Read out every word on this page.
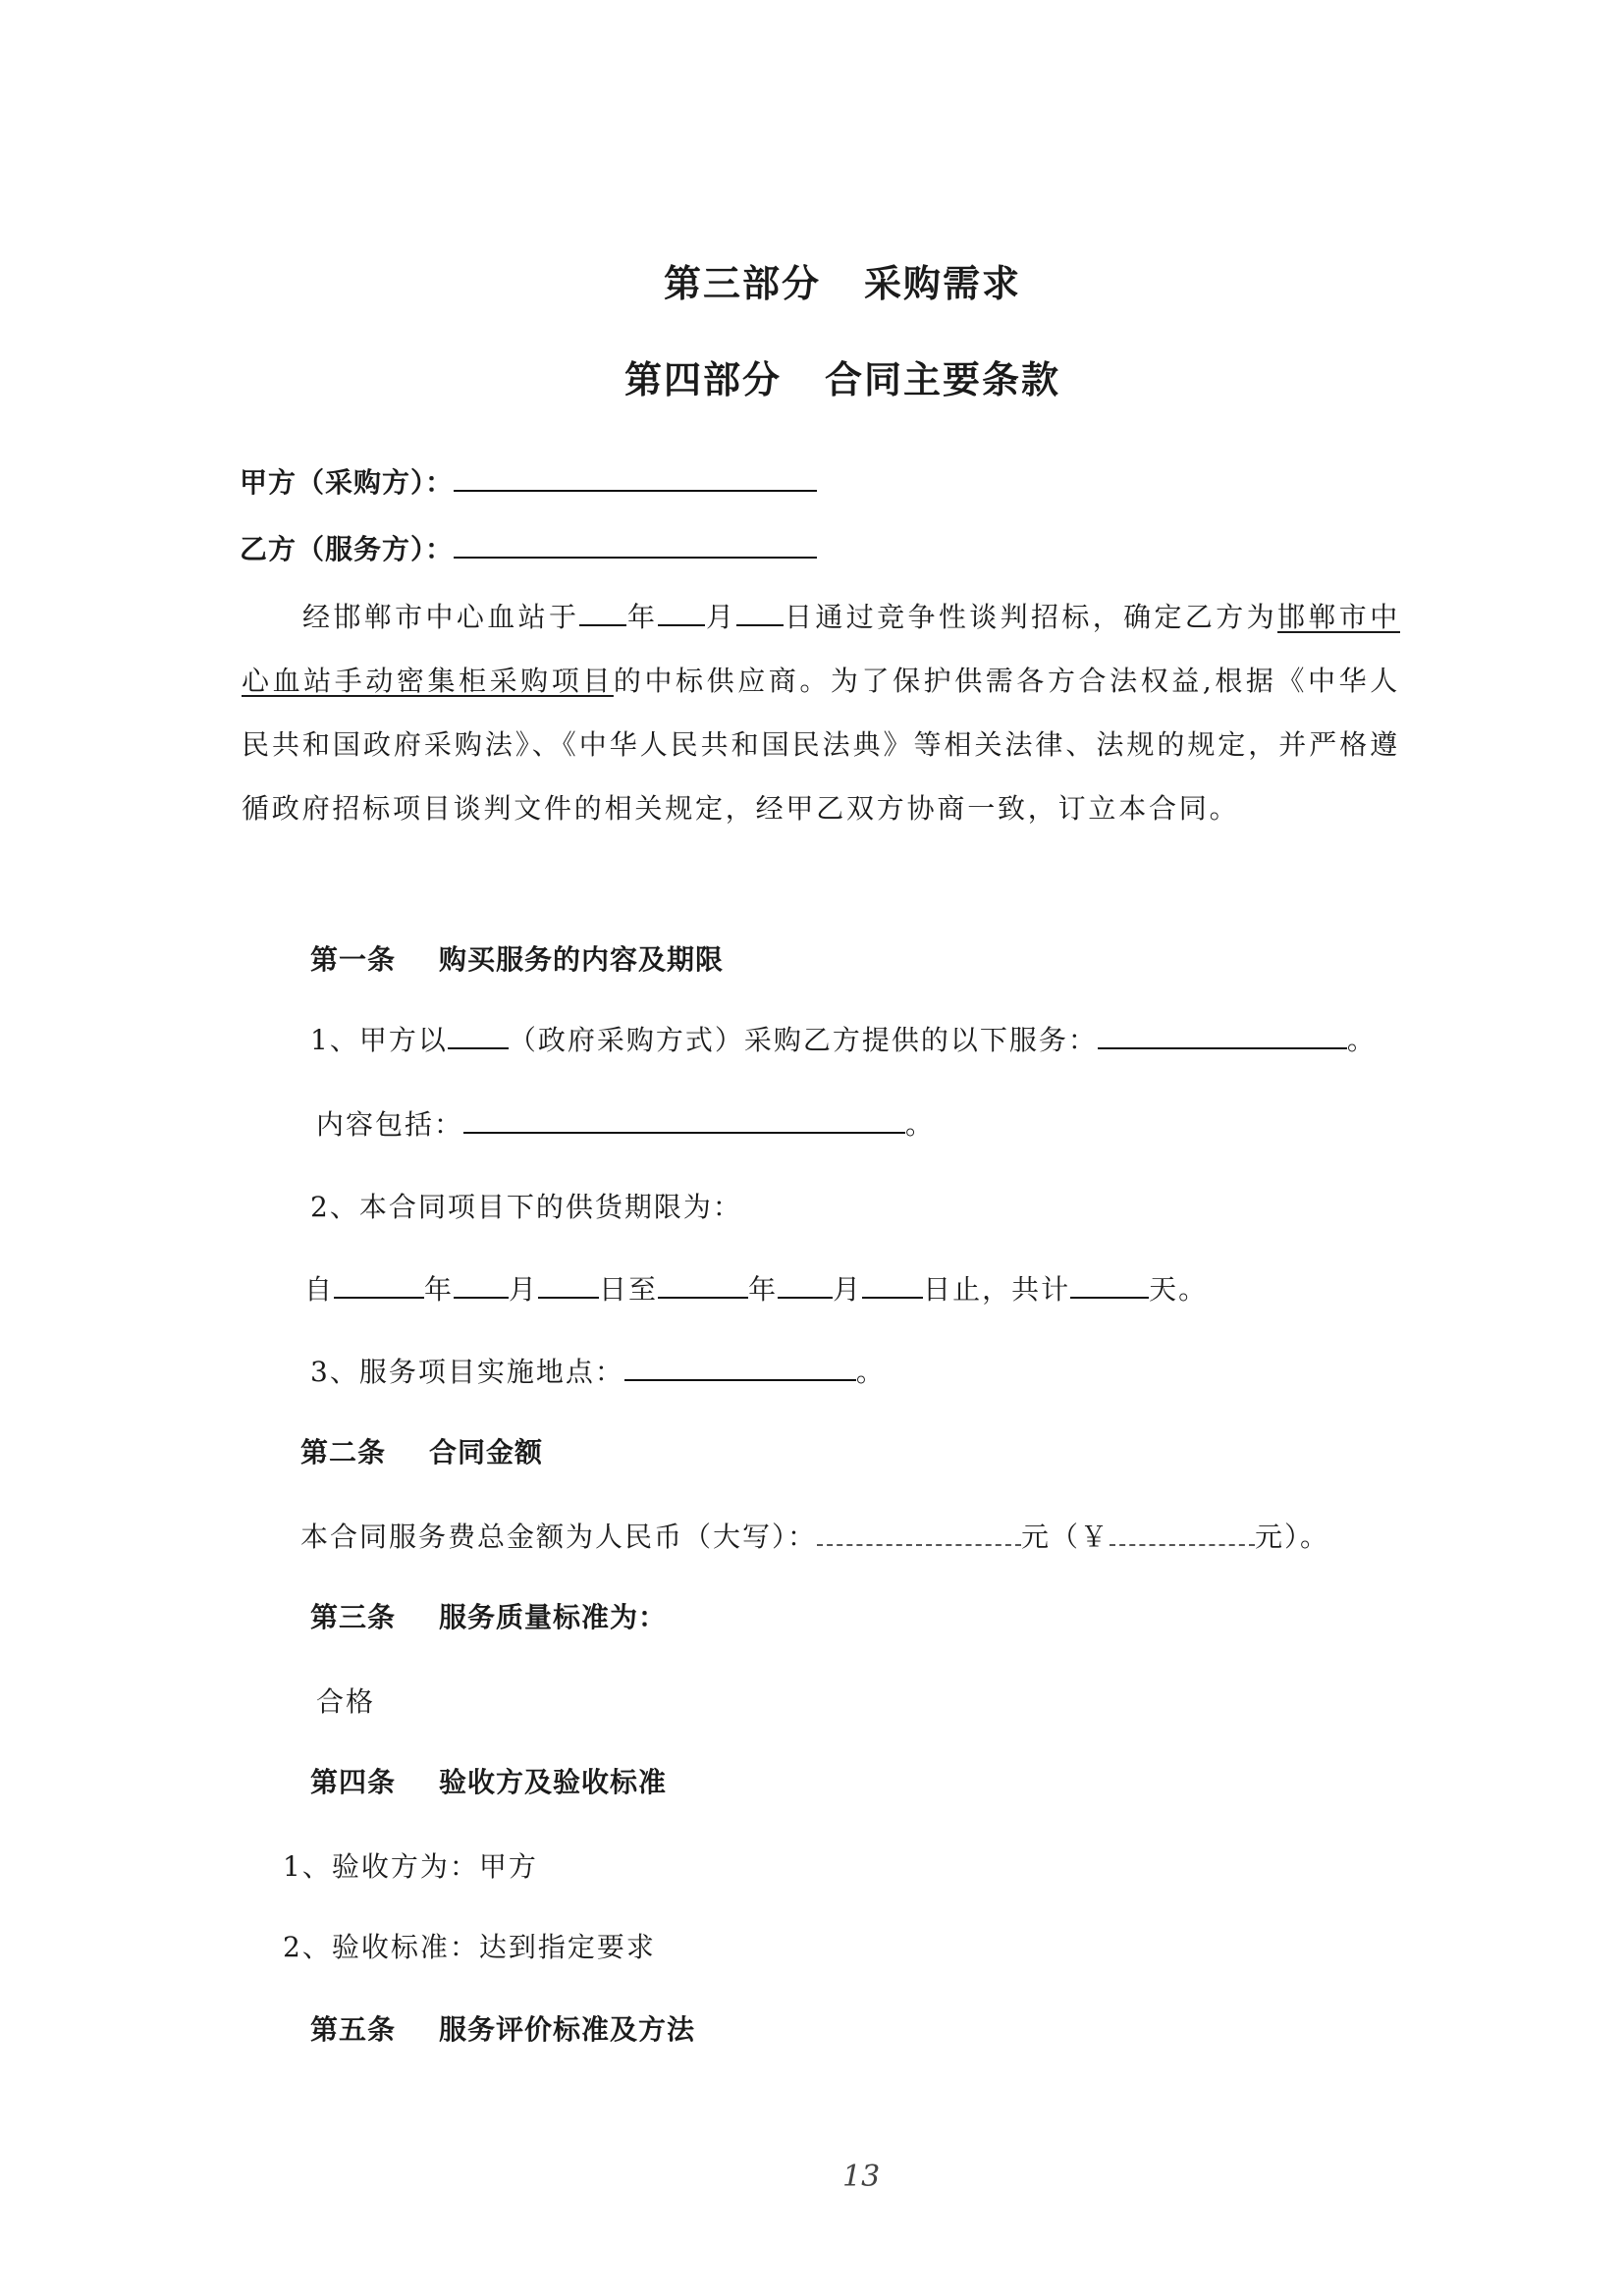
第三部分 采购需求
第四部分 合同主要条款
甲方（采购方）：
乙方（服务方）：
经邯郸市中心血站于 年 月 日通过竞争性谈判招标，确定乙方为邯郸市中心血站手动密集柜采购项目的中标供应商。为了保护供需各方合法权益,根据《中华人民共和国政府采购法》、《中华人民共和国民法典》等相关法律、法规的规定，并严格遵循政府招标项目谈判文件的相关规定，经甲乙双方协商一致，订立本合同。
第一条 购买服务的内容及期限
1、甲方以 （政府采购方式）采购乙方提供的以下服务：	。
内容包括：	。
2、本合同项目下的供货期限为：
自	年 月 日至	年 月 日止，共计	天。
3、服务项目实施地点：	。
第二条 合同金额
本合同服务费总金额为人民币（大写）：	元（￥	元）。
第三条 服务质量标准为：
合格
第四条 验收方及验收标准
1、验收方为：甲方
2、验收标准：达到指定要求
第五条 服务评价标准及方法
13
